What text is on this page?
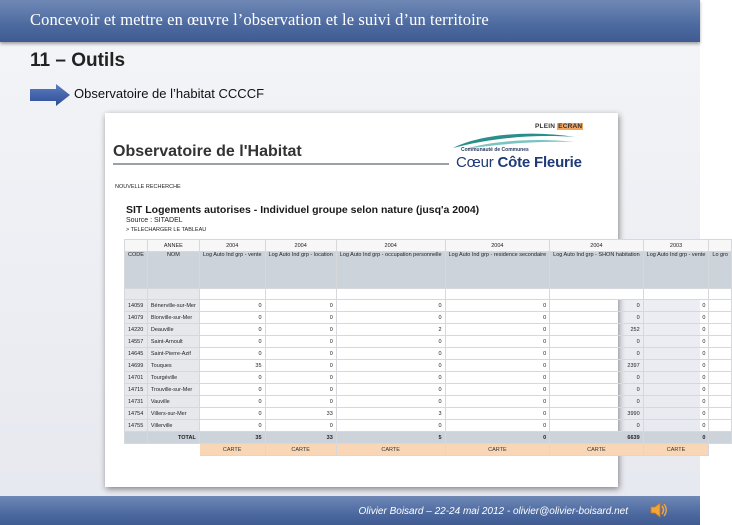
Concevoir et mettre en œuvre l’observation et le suivi d’un territoire
11 – Outils
Observatoire de l’habitat CCCCF
PLEIN ECRAN
Communauté de Communes
Cœur Côte Fleurie
Observatoire de l'Habitat
NOUVELLE RECHERCHE
SIT Logements autorises - Individuel groupe selon nature (jusq'a 2004)
Source : SITADEL
> TELECHARGER LE TABLEAU
	ANNEE	2004	2004	2004	2004	2004	2003	
CODE	NOM	Log Auto Ind grp - vente	Log Auto Ind grp - location	Log Auto Ind grp - occupation personnelle	Log Auto Ind grp - residence secondaire	Log Auto Ind grp - SHON habitation	Log Auto Ind grp - vente	Lo gro

14059	Bénerville-sur-Mer	0	0	0	0	0	0	
14079	Blonville-sur-Mer	0	0	0	0	0	0	
14220	Deauville	0	0	2	0	252	0	
14557	Saint-Arnoult	0	0	0	0	0	0	
14645	Saint-Pierre-Azif	0	0	0	0	0	0	
14699	Touques	35	0	0	0	2397	0	
14701	Tourgéville	0	0	0	0	0	0	
14715	Trouville-sur-Mer	0	0	0	0	0	0	
14731	Vauville	0	0	0	0	0	0	
14754	Villers-sur-Mer	0	33	3	0	3990	0	
14755	Villerville	0	0	0	0	0	0	
	TOTAL	35	33	5	0	6639	0	
		CARTE	CARTE	CARTE	CARTE	CARTE	CARTE	
Olivier Boisard – 22-24 mai 2012 - olivier@olivier-boisard.net
